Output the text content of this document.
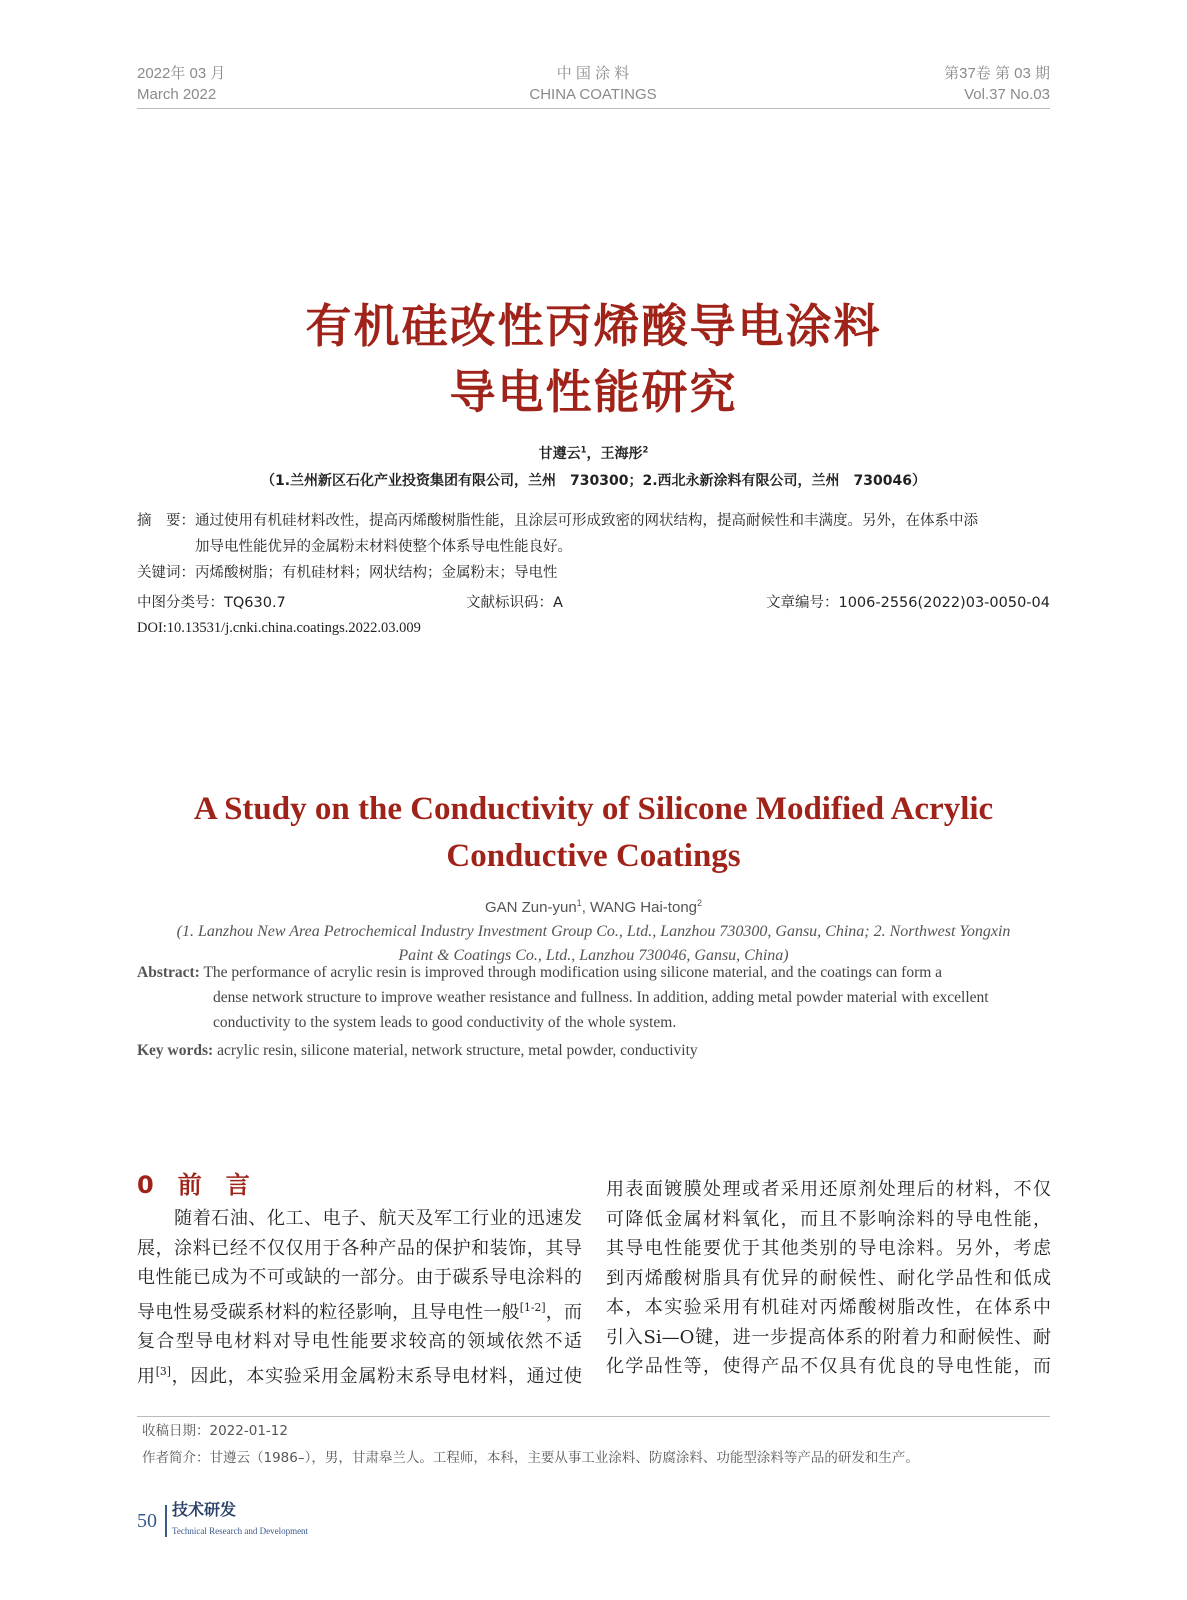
2022年 03 月
March 2022
中 国 涂 料
CHINA COATINGS
第37卷 第 03 期
Vol.37 No.03
有机硅改性丙烯酸导电涂料
导电性能研究
甘遵云$^1$，王海彤$^2$
（1.兰州新区石化产业投资集团有限公司，兰州　730300；2.西北永新涂料有限公司，兰州　730046）
摘　要：通过使用有机硅材料改性，提高丙烯酸树脂性能，且涂层可形成致密的网状结构，提高耐候性和丰满度。另外，在体系中添
加导电性能优异的金属粉末材料使整个体系导电性能良好。
关键词：丙烯酸树脂；有机硅材料；网状结构；金属粉末；导电性
中图分类号：TQ630.7	文献标识码：A	文章编号：1006-2556(2022)03-0050-04
DOI:10.13531/j.cnki.china.coatings.2022.03.009
A Study on the Conductivity of Silicone Modified Acrylic
Conductive Coatings
GAN Zun-yun$^1$, WANG Hai-tong$^2$
(1. Lanzhou New Area Petrochemical Industry Investment Group Co., Ltd., Lanzhou 730300, Gansu, China; 2. Northwest Yongxin
Paint & Coatings Co., Ltd., Lanzhou 730046, Gansu, China)
Abstract: The performance of acrylic resin is improved through modification using silicone material, and the coatings can form a
dense network structure to improve weather resistance and fullness. In addition, adding metal powder material with excellent
conductivity to the system leads to good conductivity of the whole system.
Key words: acrylic resin, silicone material, network structure, metal powder, conductivity
0　 前　言
　　随着石油、化工、电子、航天及军工行业的迅速发
展，涂料已经不仅仅用于各种产品的保护和装饰，其导
电性能已成为不可或缺的一部分。由于碳系导电涂料的
导电性易受碳系材料的粒径影响，且导电性一般[1-2]，而
复合型导电材料对导电性能要求较高的领域依然不适
用[3]，因此，本实验采用金属粉末系导电材料，通过使
用表面镀膜处理或者采用还原剂处理后的材料，不仅
可降低金属材料氧化，而且不影响涂料的导电性能，
其导电性能要优于其他类别的导电涂料。另外，考虑
到丙烯酸树脂具有优异的耐候性、耐化学品性和低成
本，本实验采用有机硅对丙烯酸树脂改性，在体系中
引入Si—O键，进一步提高体系的附着力和耐候性、耐
化学品性等，使得产品不仅具有优良的导电性能，而
收稿日期：2022-01-12
作者简介：甘遵云（1986–），男，甘肃皋兰人。工程师，本科，主要从事工业涂料、防腐涂料、功能型涂料等产品的研发和生产。
50
技术研发
Technical Research and Development
